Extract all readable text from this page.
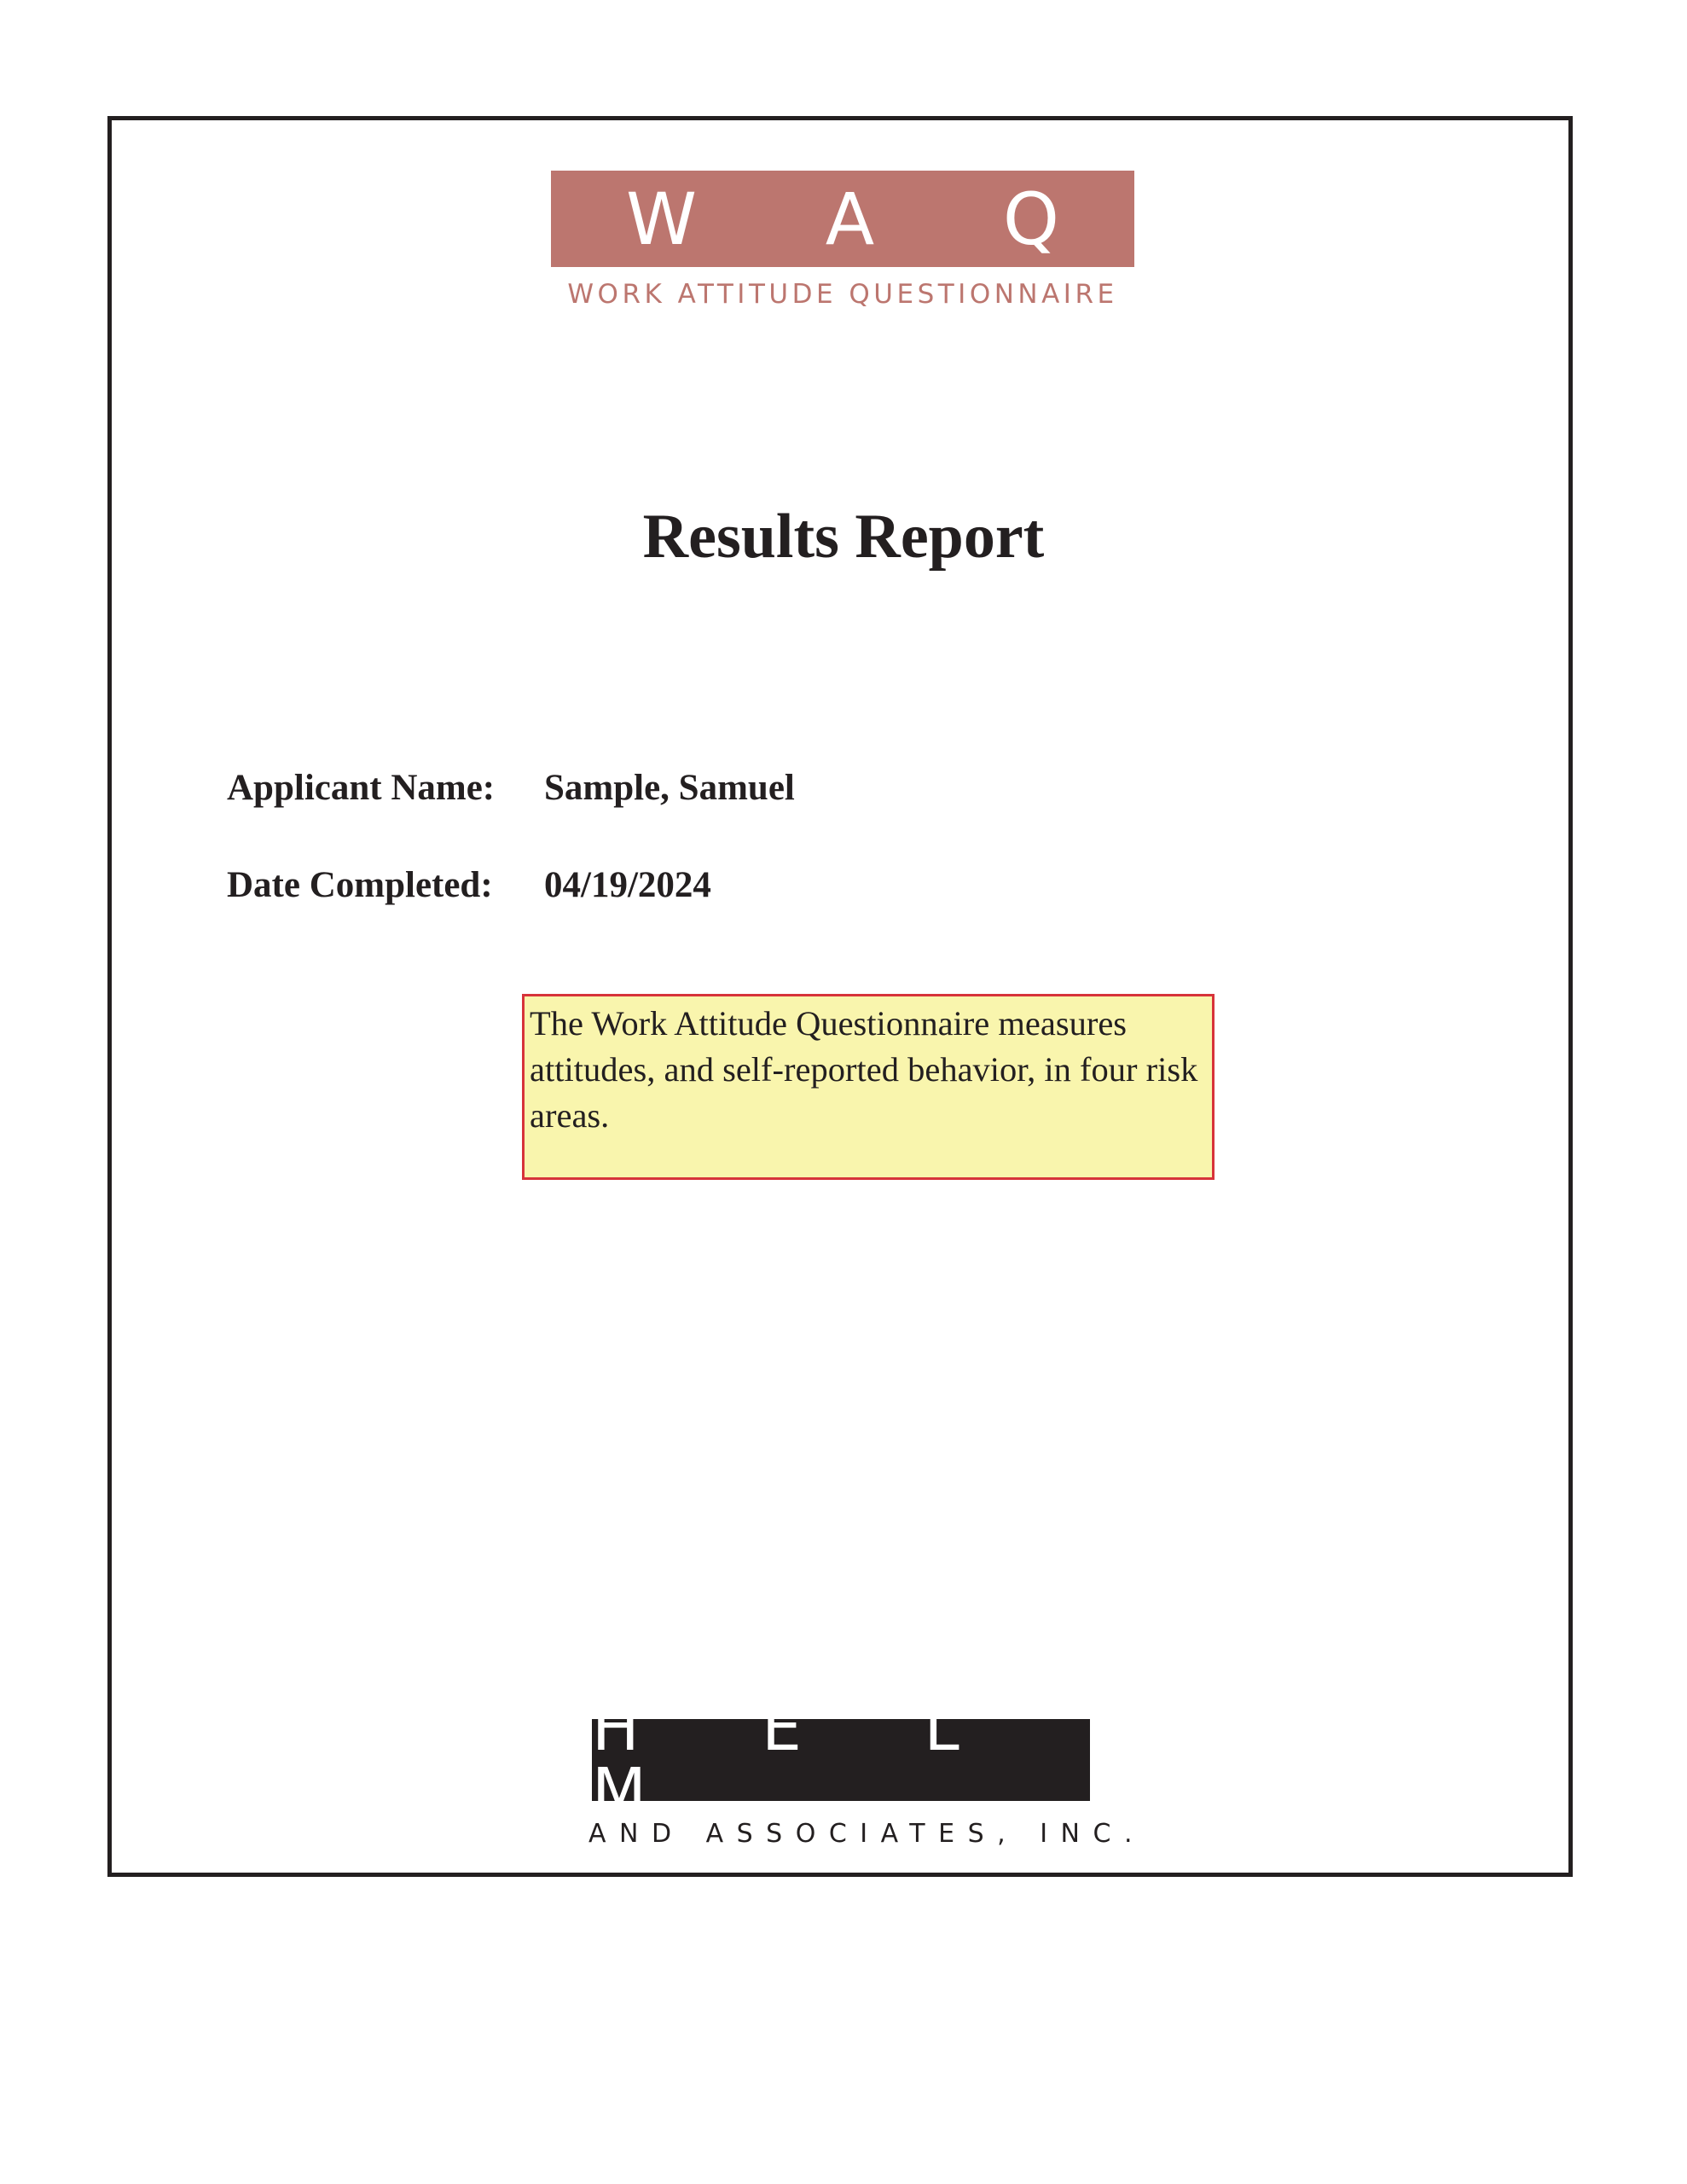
W A Q
WORK ATTITUDE QUESTIONNAIRE
Results Report
Applicant Name: Sample, Samuel
Date Completed: 04/19/2024
The Work Attitude Questionnaire measures attitudes, and self-reported behavior, in four risk areas.
H E L M
AND ASSOCIATES, INC.
